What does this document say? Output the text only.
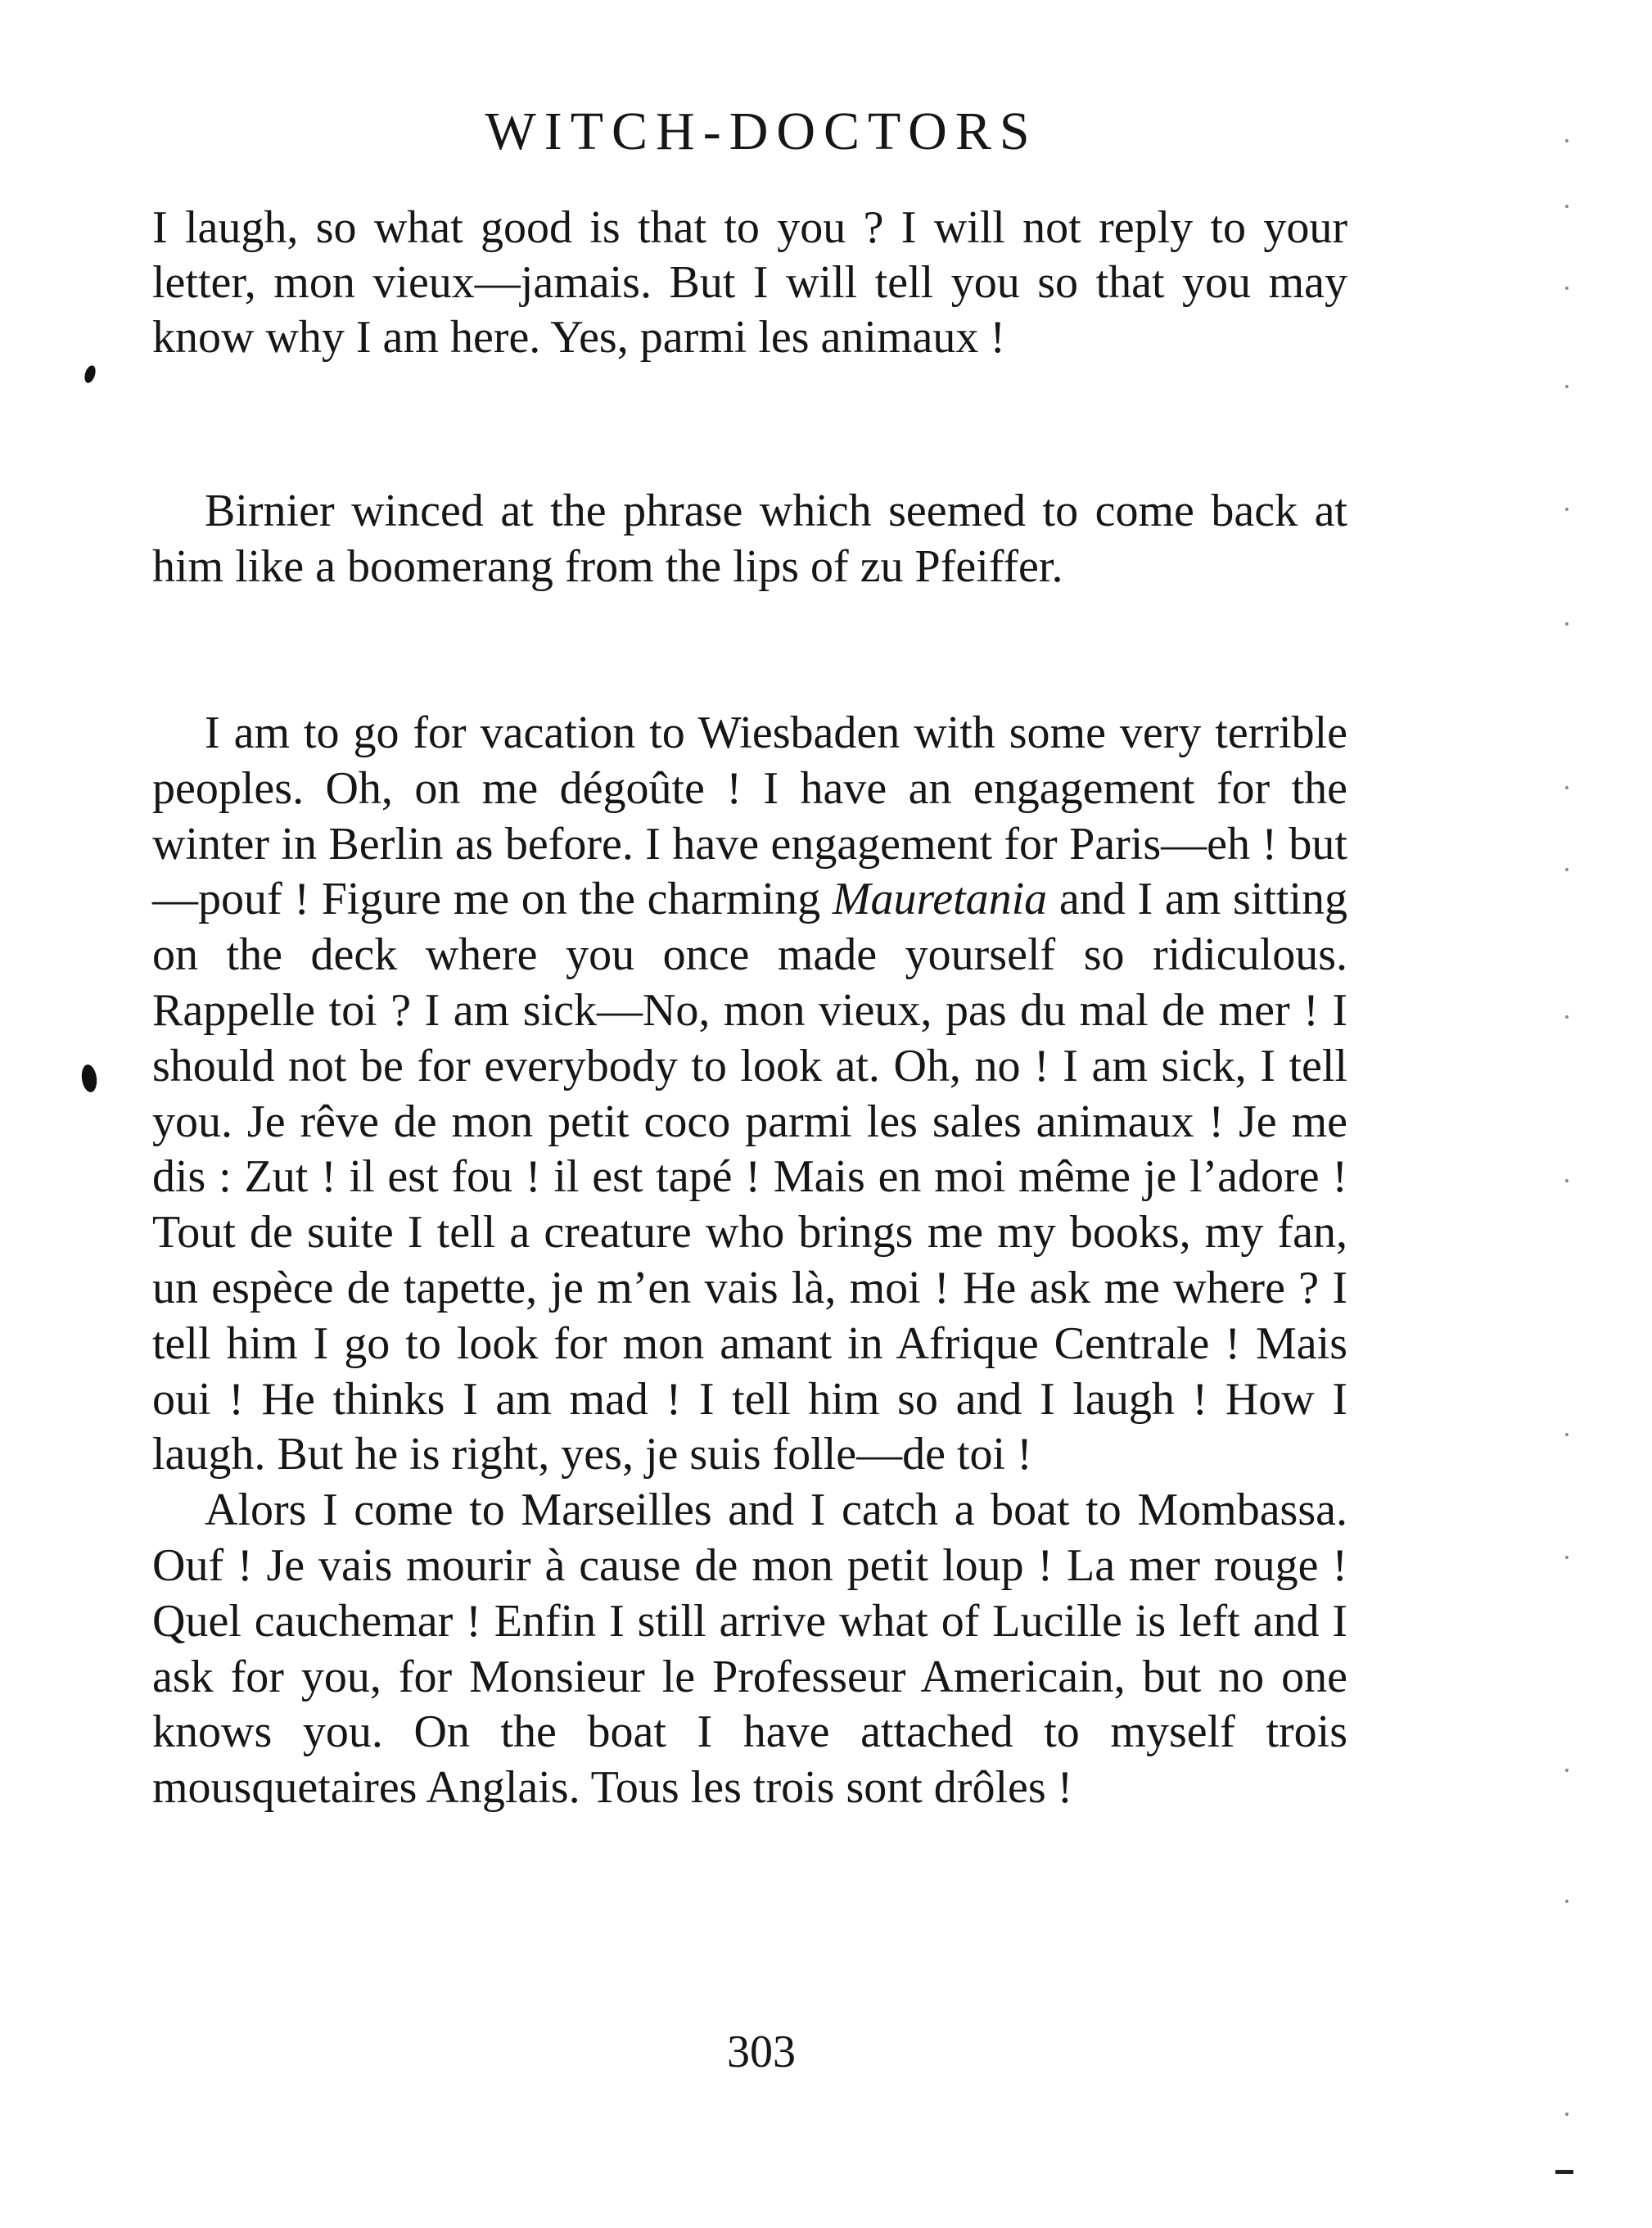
WITCH-DOCTORS

I laugh, so what good is that to you ? I will not reply to your letter, mon vieux—jamais. But I will tell you so that you may know why I am here. Yes, parmi les animaux !

Birnier winced at the phrase which seemed to come back at him like a boomerang from the lips of zu Pfeiffer.

I am to go for vacation to Wiesbaden with some very terrible peoples. Oh, on me dégoûte ! I have an engagement for the winter in Berlin as before. I have engagement for Paris—eh ! but—pouf ! Figure me on the charming Mauretania and I am sitting on the deck where you once made yourself so ridiculous. Rappelle toi ? I am sick—No, mon vieux, pas du mal de mer ! I should not be for everybody to look at. Oh, no ! I am sick, I tell you. Je rêve de mon petit coco parmi les sales animaux ! Je me dis : Zut ! il est fou ! il est tapé ! Mais en moi même je l’adore ! Tout de suite I tell a creature who brings me my books, my fan, un espèce de tapette, je m’en vais là, moi ! He ask me where ? I tell him I go to look for mon amant in Afrique Centrale ! Mais oui ! He thinks I am mad ! I tell him so and I laugh ! How I laugh. But he is right, yes, je suis folle—de toi !

Alors I come to Marseilles and I catch a boat to Mombassa. Ouf ! Je vais mourir à cause de mon petit loup ! La mer rouge ! Quel cauchemar ! Enfin I still arrive what of Lucille is left and I ask for you, for Monsieur le Professeur Americain, but no one knows you. On the boat I have attached to myself trois mousquetaires Anglais. Tous les trois sont drôles !

303
